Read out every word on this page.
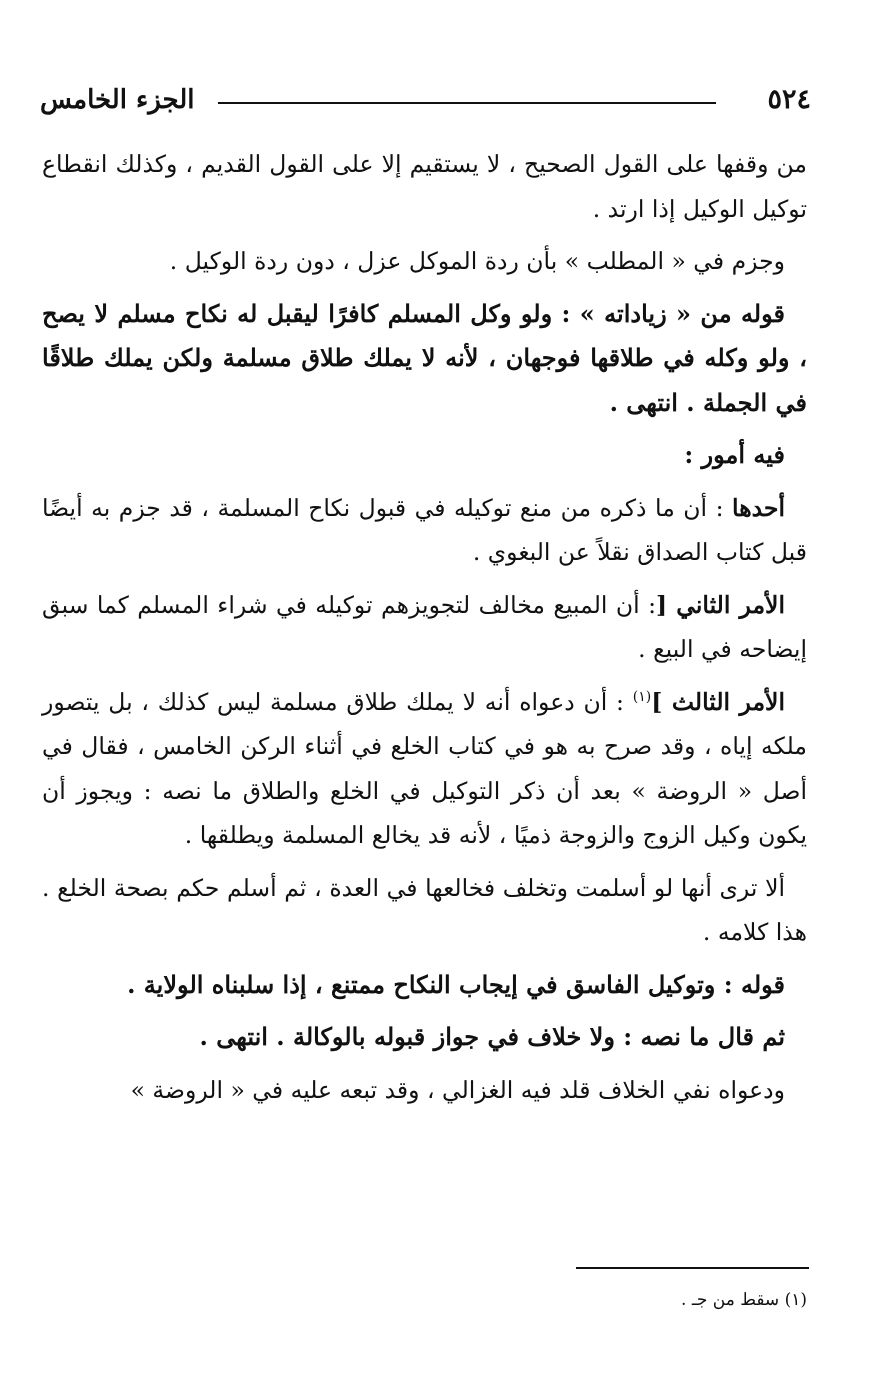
٥٢٤
الجزء الخامس

من وقفها على القول الصحيح ، لا يستقيم إلا على القول القديم ، وكذلك انقطاع توكيل الوكيل إذا ارتد .

وجزم في « المطلب » بأن ردة الموكل عزل ، دون ردة الوكيل .

قوله من « زياداته » : ولو وكل المسلم كافرًا ليقبل له نكاح مسلم لا يصح ، ولو وكله في طلاقها فوجهان ، لأنه لا يملك طلاق مسلمة ولكن يملك طلاقًا في الجملة . انتهى .

فيه أمور :

أحدها : أن ما ذكره من منع توكيله في قبول نكاح المسلمة ، قد جزم به أيضًا قبل كتاب الصداق نقلاً عن البغوي .

الأمر الثاني [: أن المبيع مخالف لتجويزهم توكيله في شراء المسلم كما سبق إيضاحه في البيع .

الأمر الثالث ]$^{(١)}$ : أن دعواه أنه لا يملك طلاق مسلمة ليس كذلك ، بل يتصور ملكه إياه ، وقد صرح به هو في كتاب الخلع في أثناء الركن الخامس ، فقال في أصل « الروضة » بعد أن ذكر التوكيل في الخلع والطلاق ما نصه : ويجوز أن يكون وكيل الزوج والزوجة ذميًا ، لأنه قد يخالع المسلمة ويطلقها .

ألا ترى أنها لو أسلمت وتخلف فخالعها في العدة ، ثم أسلم حكم بصحة الخلع . هذا كلامه .

قوله : وتوكيل الفاسق في إيجاب النكاح ممتنع ، إذا سلبناه الولاية .

ثم قال ما نصه : ولا خلاف في جواز قبوله بالوكالة . انتهى .

ودعواه نفي الخلاف قلد فيه الغزالي ، وقد تبعه عليه في « الروضة »

(١) سقط من جـ .
